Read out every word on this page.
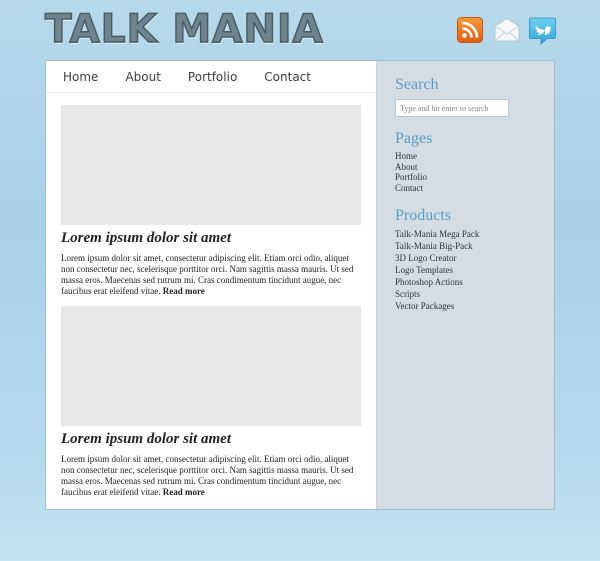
TALK MANIA
Home About Portfolio Contact
Lorem ipsum dolor sit amet

Lorem ipsum dolor sit amet, consectetur adipiscing elit. Etiam orci odio, aliquet non consectetur nec, scelerisque porttitor orci. Nam sagittis massa mauris. Ut sed massa eros. Maecenas sed rutrum mi. Cras condimentum tincidunt augue, nec faucibus erat eleifend vitae. Read more

Lorem ipsum dolor sit amet

Lorem ipsum dolor sit amet, consectetur adipiscing elit. Etiam orci odio, aliquet non consectetur nec, scelerisque porttitor orci. Nam sagittis massa mauris. Ut sed massa eros. Maecenas sed rutrum mi. Cras condimentum tincidunt augue, nec faucibus erat eleifend vitae. Read more

Search
Type and hit enter to search
Pages
Home
About
Portfolio
Contact
Products
Talk-Mania Mega Pack
Talk-Mania Big-Pack
3D Logo Creator
Logo Templates
Photoshop Actions
Scripts
Vector Packages
